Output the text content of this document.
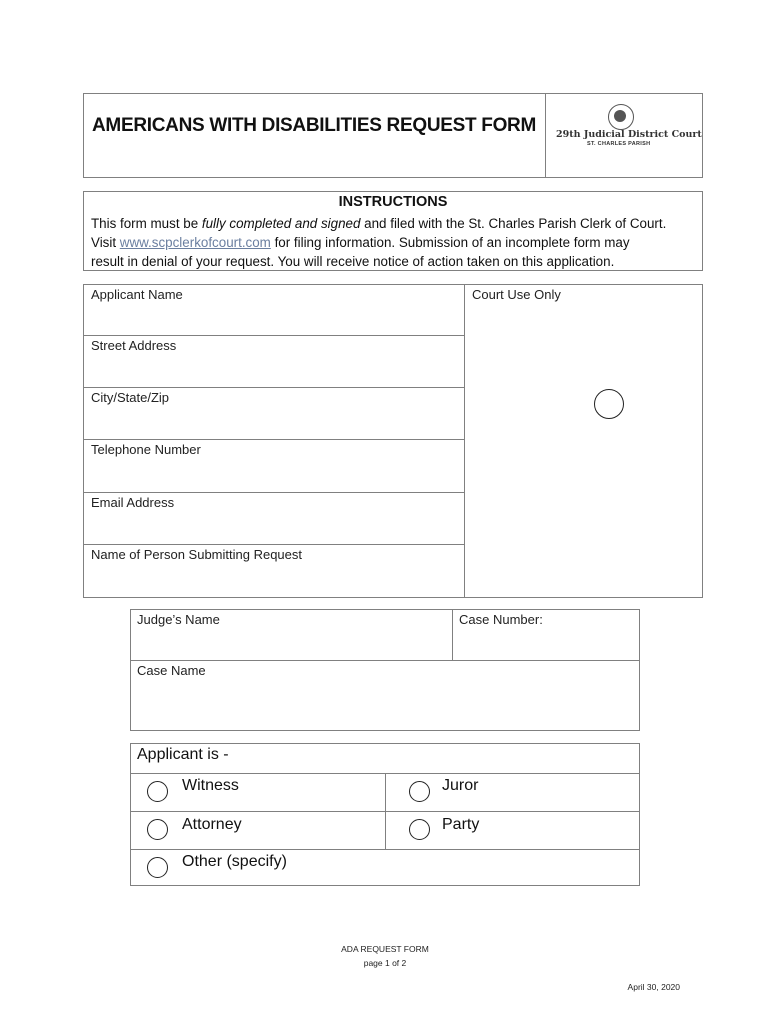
AMERICANS WITH DISABILITIES REQUEST FORM 29th Judicial District Court
ST. CHARLES PARISH
INSTRUCTIONS

This form must be fully completed and signed and filed with the St. Charles Parish Clerk of Court.

Visit www.scpclerkofcourt.com for filing information. Submission of an incomplete form may

result in denial of your request. You will receive notice of action taken on this application.

Applicant Name
Street Address
City/State/Zip
Telephone Number
Email Address
Name of Person Submitting Request
Court Use Only
Judge’s Name	Case Number:
Case Name
Applicant is -
Witness	Juror
Attorney	Party
Other (specify)
ADA REQUEST FORM
page 1 of 2
April 30, 2020
